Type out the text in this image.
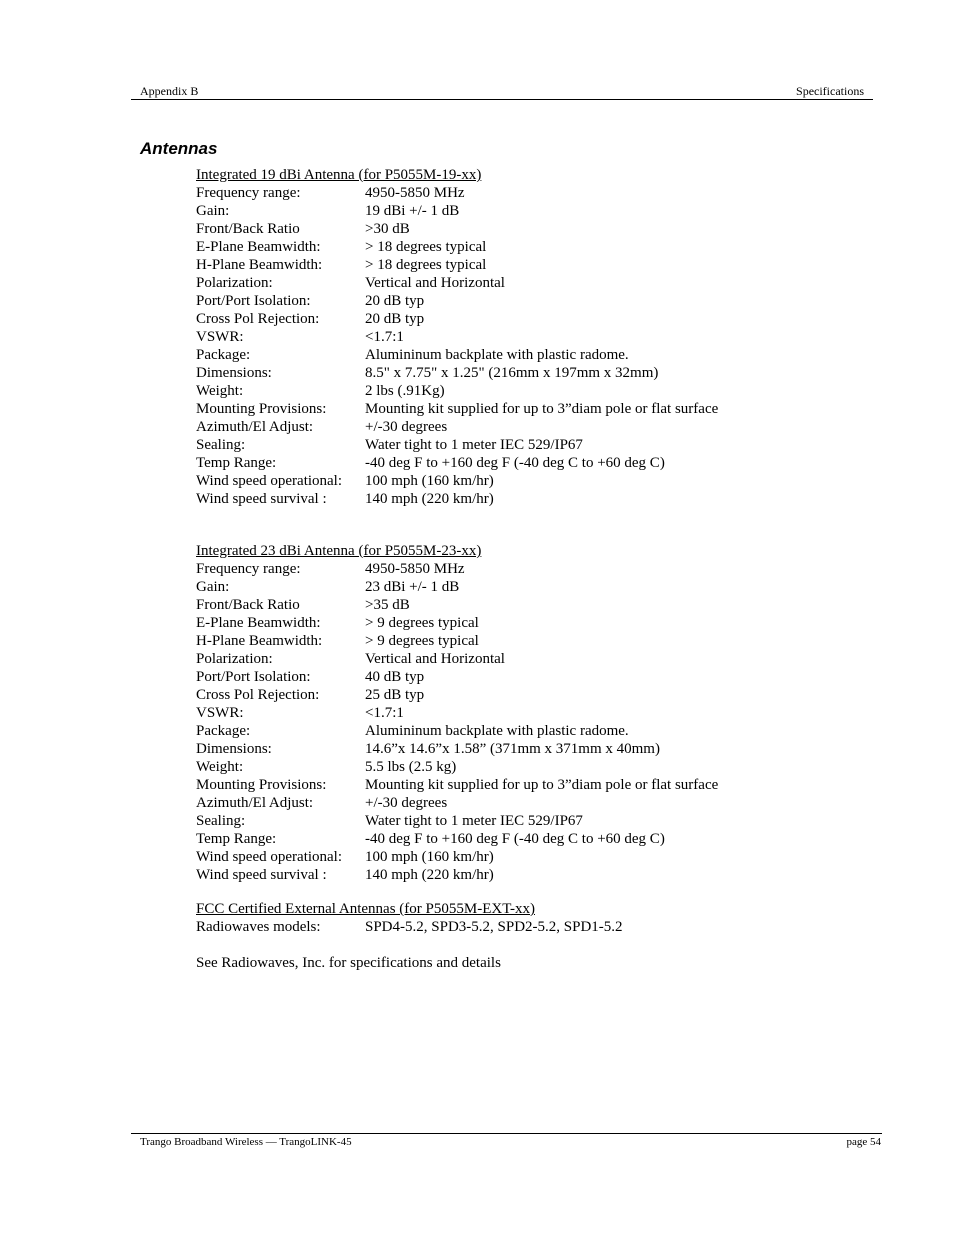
Appendix B	Specifications
Antennas
Integrated 19 dBi Antenna (for P5055M-19-xx)
Frequency range:	4950-5850 MHz
Gain:	19 dBi +/- 1 dB
Front/Back Ratio	>30 dB
E-Plane Beamwidth:	> 18 degrees typical
H-Plane Beamwidth:	> 18 degrees typical
Polarization:	Vertical and Horizontal
Port/Port Isolation:	20 dB typ
Cross Pol Rejection:	20 dB typ
VSWR:	<1.7:1
Package:	Alumininum backplate with plastic radome.
Dimensions:	8.5" x 7.75" x 1.25" (216mm x 197mm x 32mm)
Weight:	2 lbs (.91Kg)
Mounting Provisions:	Mounting kit supplied for up to 3”diam pole or flat surface
Azimuth/El Adjust:	+/-30 degrees
Sealing:	Water tight to 1 meter IEC 529/IP67
Temp Range:	-40 deg F to +160 deg F (-40 deg C to +60 deg C)
Wind speed operational:	100 mph (160 km/hr)
Wind speed survival :	140 mph (220 km/hr)
Integrated 23 dBi Antenna (for P5055M-23-xx)
Frequency range:	4950-5850 MHz
Gain:	23 dBi +/- 1 dB
Front/Back Ratio	>35 dB
E-Plane Beamwidth:	> 9 degrees typical
H-Plane Beamwidth:	> 9 degrees typical
Polarization:	Vertical and Horizontal
Port/Port Isolation:	40 dB typ
Cross Pol Rejection:	25 dB typ
VSWR:	<1.7:1
Package:	Alumininum backplate with plastic radome.
Dimensions:	14.6”x 14.6”x 1.58” (371mm x 371mm x 40mm)
Weight:	5.5 lbs (2.5 kg)
Mounting Provisions:	Mounting kit supplied for up to 3”diam pole or flat surface
Azimuth/El Adjust:	+/-30 degrees
Sealing:	Water tight to 1 meter IEC 529/IP67
Temp Range:	-40 deg F to +160 deg F (-40 deg C to +60 deg C)
Wind speed operational:	100 mph (160 km/hr)
Wind speed survival :	140 mph (220 km/hr)
FCC Certified External Antennas (for P5055M-EXT-xx)
Radiowaves models:	SPD4-5.2, SPD3-5.2, SPD2-5.2, SPD1-5.2
See Radiowaves, Inc. for specifications and details
Trango Broadband Wireless — TrangoLINK-45	page 54
